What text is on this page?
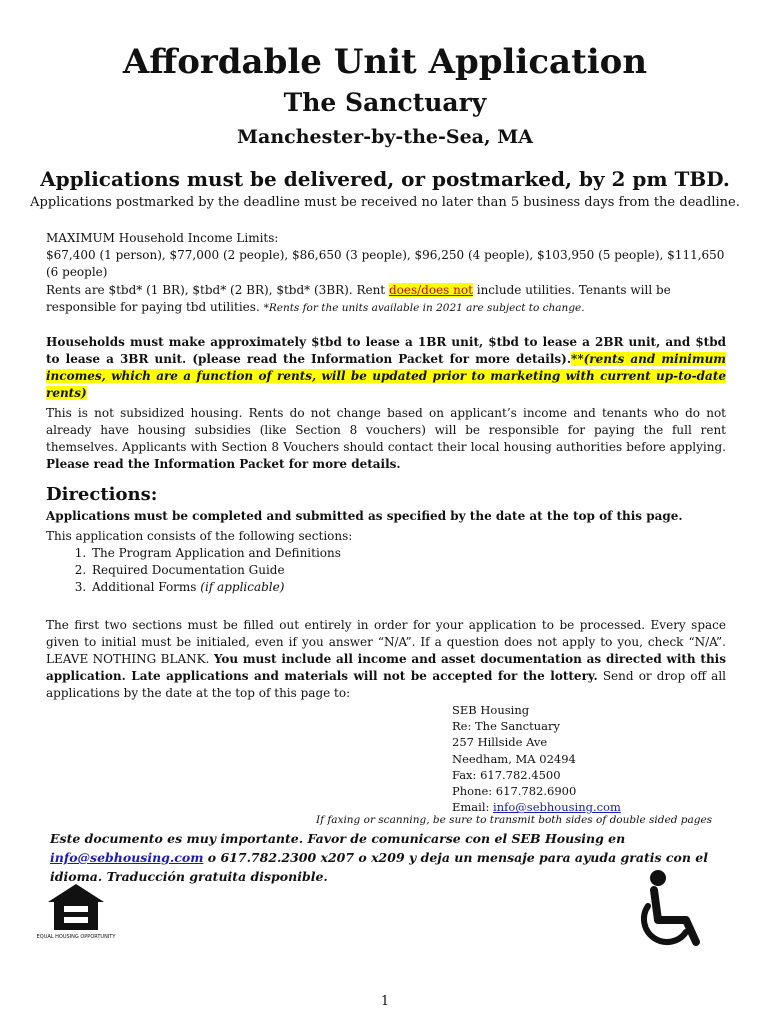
Affordable Unit Application
The Sanctuary
Manchester-by-the-Sea, MA
Applications must be delivered, or postmarked, by 2 pm TBD.
Applications postmarked by the deadline must be received no later than 5 business days from the deadline.
MAXIMUM Household Income Limits:
$67,400 (1 person), $77,000 (2 people), $86,650 (3 people), $96,250 (4 people), $103,950 (5 people), $111,650 (6 people)
Rents are $tbd* (1 BR), $tbd* (2 BR), $tbd* (3BR). Rent does/does not include utilities. Tenants will be responsible for paying tbd utilities. *Rents for the units available in 2021 are subject to change.
Households must make approximately $tbd to lease a 1BR unit, $tbd to lease a 2BR unit, and $tbd to lease a 3BR unit. (please read the Information Packet for more details).**(rents and minimum incomes, which are a function of rents, will be updated prior to marketing with current up-to-date rents)
This is not subsidized housing. Rents do not change based on applicant’s income and tenants who do not already have housing subsidies (like Section 8 vouchers) will be responsible for paying the full rent themselves. Applicants with Section 8 Vouchers should contact their local housing authorities before applying. Please read the Information Packet for more details.
Directions:
Applications must be completed and submitted as specified by the date at the top of this page.
This application consists of the following sections:
1. The Program Application and Definitions
2. Required Documentation Guide
3. Additional Forms (if applicable)
The first two sections must be filled out entirely in order for your application to be processed. Every space given to initial must be initialed, even if you answer “N/A”. If a question does not apply to you, check “N/A”. LEAVE NOTHING BLANK. You must include all income and asset documentation as directed with this application. Late applications and materials will not be accepted for the lottery. Send or drop off all applications by the date at the top of this page to:
SEB Housing
Re: The Sanctuary
257 Hillside Ave
Needham, MA 02494
Fax: 617.782.4500
Phone: 617.782.6900
Email: info@sebhousing.com
If faxing or scanning, be sure to transmit both sides of double sided pages
Este documento es muy importante. Favor de comunicarse con el SEB Housing en info@sebhousing.com o 617.782.2300 x207 o x209 y deja un mensaje para ayuda gratis con el idioma. Traducción gratuita disponible.
EQUAL HOUSING OPPORTUNITY
1
